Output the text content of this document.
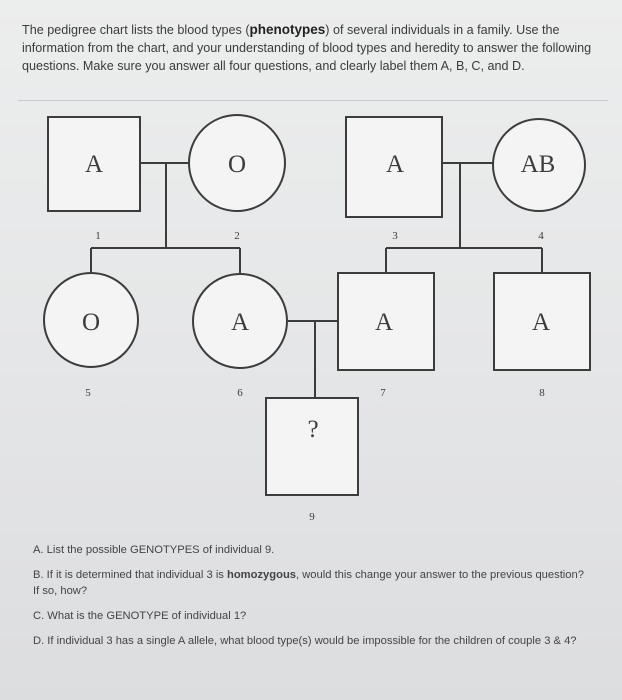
The pedigree chart lists the blood types (phenotypes) of several individuals in a family. Use the information from the chart, and your understanding of blood types and heredity to answer the following questions. Make sure you answer all four questions, and clearly label them A, B, C, and D.
A	O	A	AB
O	A	A	A
?
1	2	3	4
5	6	7	8
9

A. List the possible GENOTYPES of individual 9.

B. If it is determined that individual 3 is homozygous, would this change your answer to the previous question? If so, how?

C. What is the GENOTYPE of individual 1?

D. If individual 3 has a single A allele, what blood type(s) would be impossible for the children of couple 3 & 4?
